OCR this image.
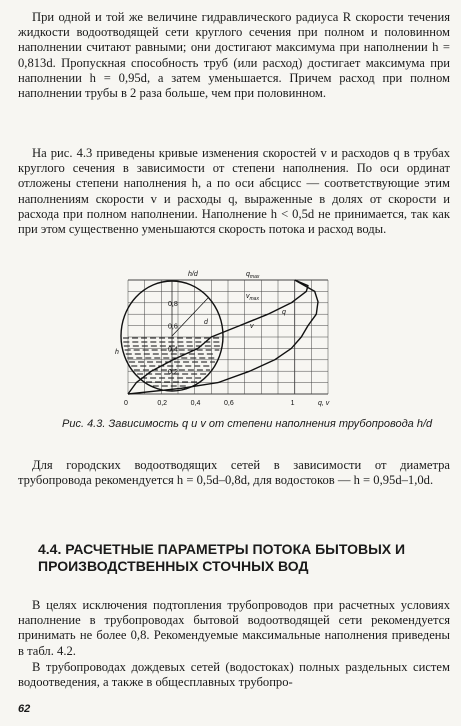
При одной и той же величине гидравлического радиуса R скорости течения жидкости водоотводящей сети круглого сечения при полном и половинном наполнении считают равными; они достигают максимума при наполнении h = 0,813d. Пропускная способность труб (или расход) достигает максимума при наполнении h = 0,95d, а затем уменьшается. Причем расход при полном наполнении трубы в 2 раза больше, чем при половинном.

На рис. 4.3 приведены кривые изменения скоростей v и расходов q в трубах круглого сечения в зависимости от степени наполнения. По оси ординат отложены степени наполнения h, а по оси абсцисс — соответствующие этим наполнениям скорости v и расходы q, выраженные в долях от скорости и расхода при полном наполнении. Наполнение h < 0,5d не принимается, так как при этом существенно уменьшаются скорость потока и расход воды.

h/d	$q_{max}$
$v_{max}$
q
v
d
h
q, v
0	0,2	0,4	0,6	1
0,8
0,6
0,4
0,2
Рис. 4.3. Зависимость q и v от степени наполнения трубопровода h/d

Для городских водоотводящих сетей в зависимости от диаметра трубопровода рекомендуется h = 0,5d–0,8d, для водостоков — h = 0,95d–1,0d.

4.4. РАСЧЕТНЫЕ ПАРАМЕТРЫ ПОТОКА БЫТОВЫХ И ПРОИЗВОДСТВЕННЫХ СТОЧНЫХ ВОД

В целях исключения подтопления трубопроводов при расчетных условиях наполнение в трубопроводах бытовой водоотводящей сети рекомендуется принимать не более 0,8. Рекомендуемые максимальные наполнения приведены в табл. 4.2.

В трубопроводах дождевых сетей (водостоках) полных раздельных систем водоотведения, а также в общесплавных трубопро-

62
